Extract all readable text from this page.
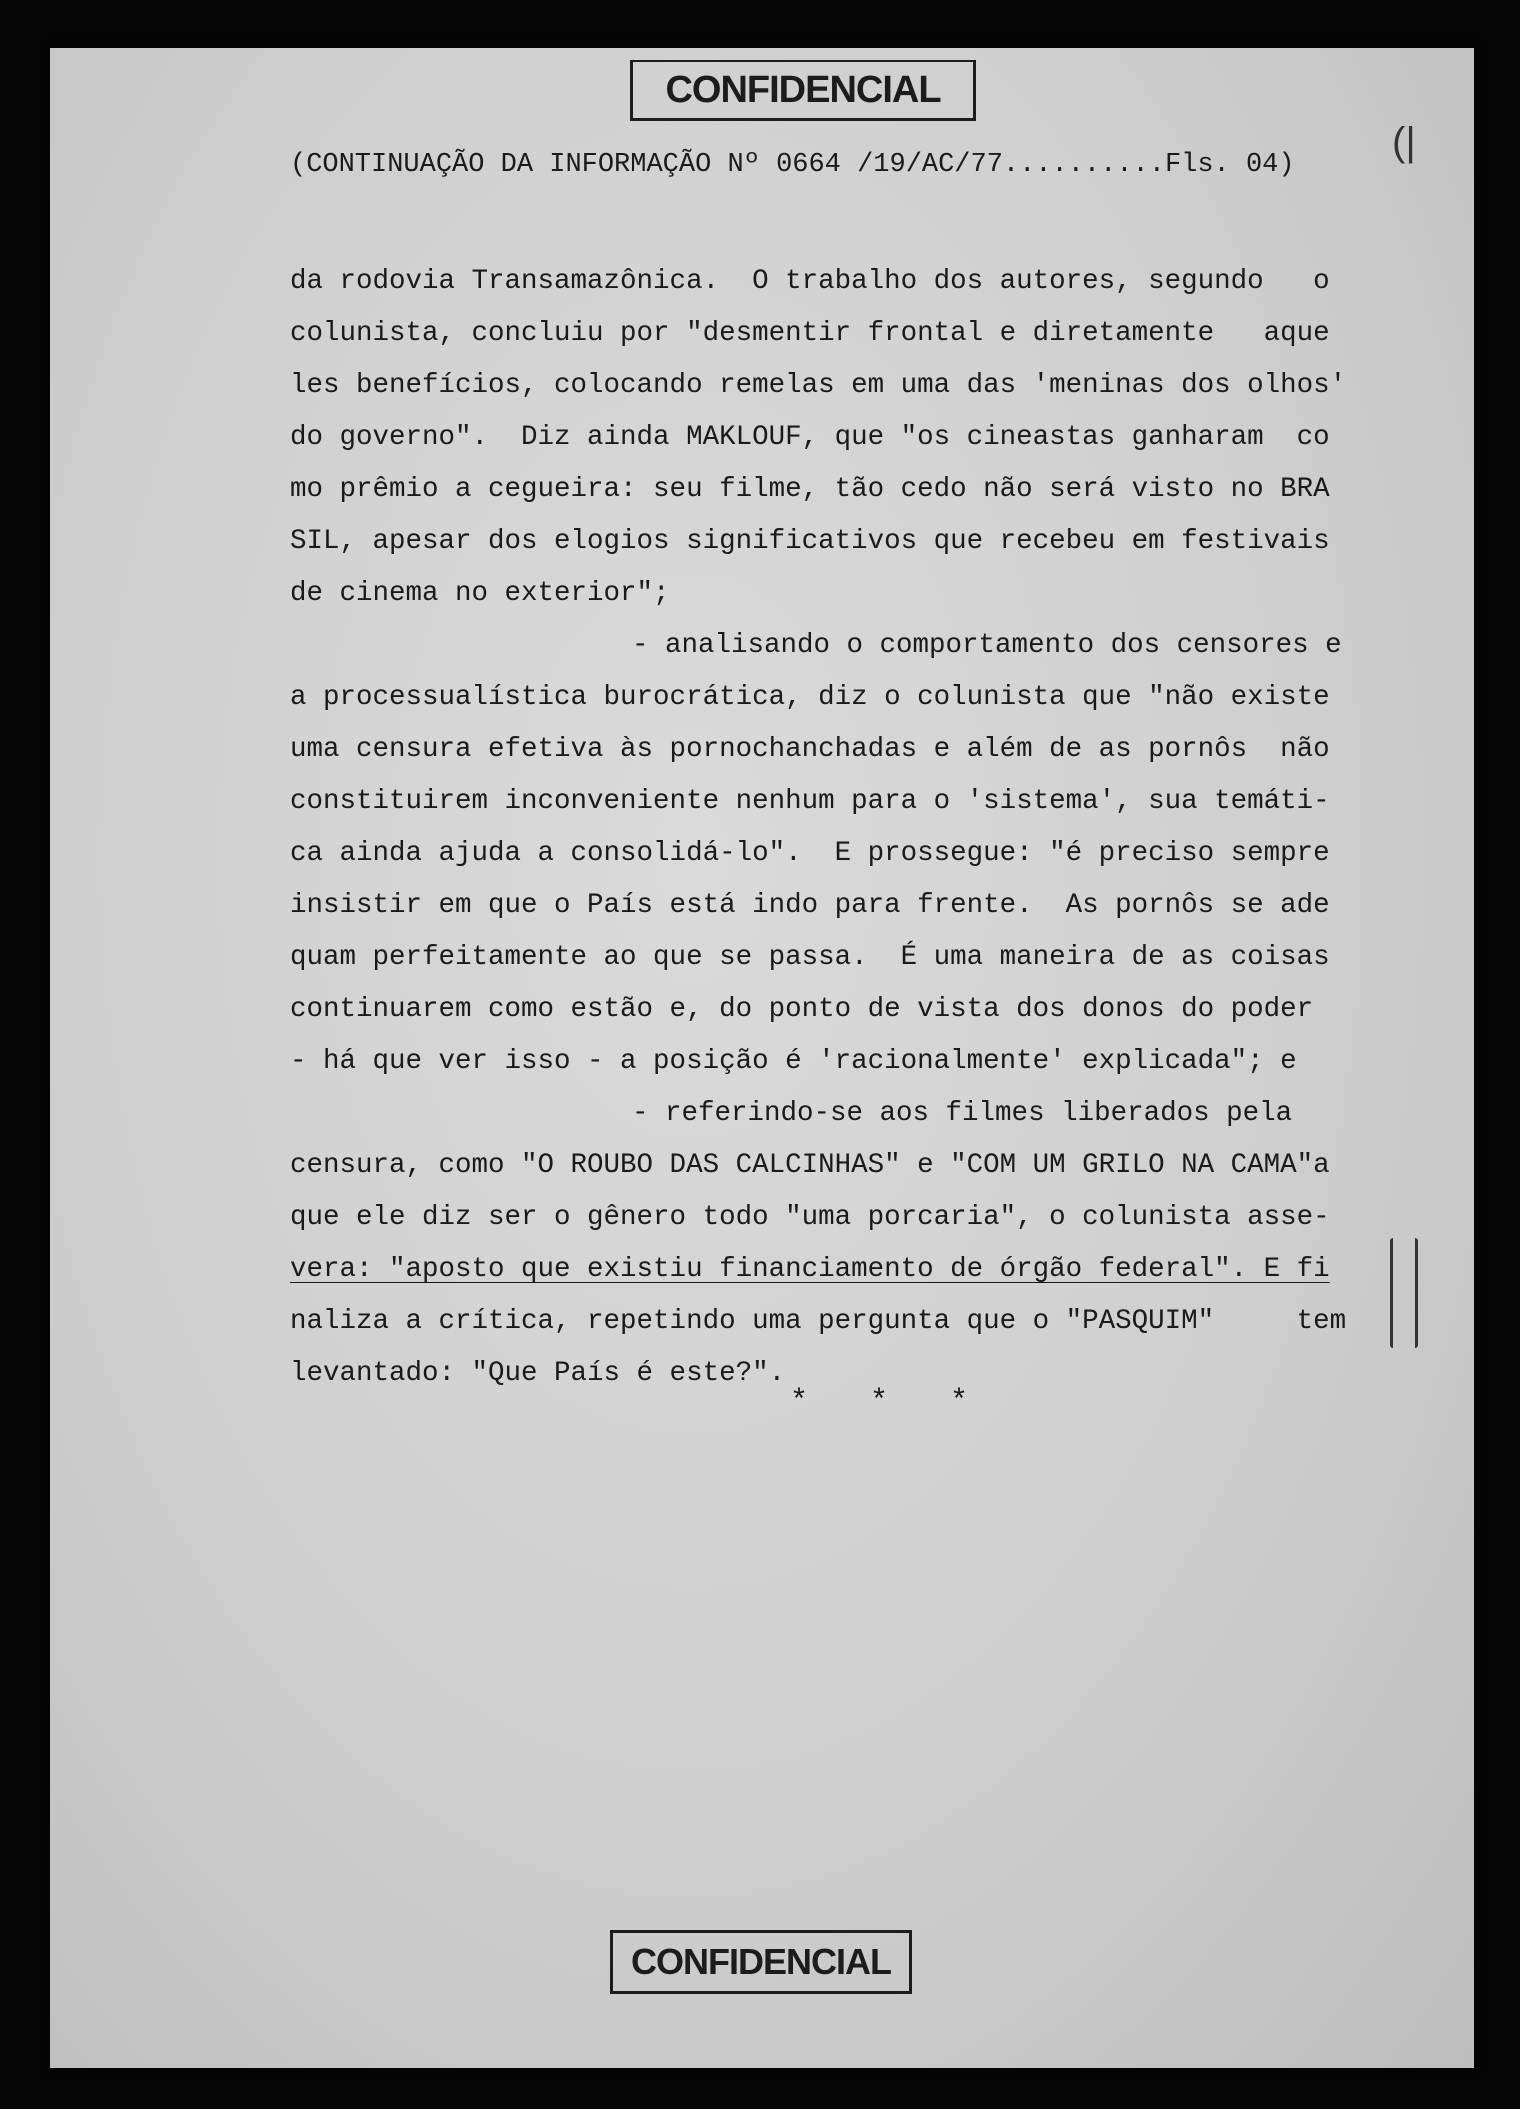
CONFIDENCIAL
(|
(CONTINUAÇÃO DA INFORMAÇÃO Nº 0664 /19/AC/77..........Fls. 04)
da rodovia Transamazônica.  O trabalho dos autores, segundo   o
colunista, concluiu por "desmentir frontal e diretamente   aque
les benefícios, colocando remelas em uma das 'meninas dos olhos'
do governo".  Diz ainda MAKLOUF, que "os cineastas ganharam  co
mo prêmio a cegueira: seu filme, tão cedo não será visto no BRA
SIL, apesar dos elogios significativos que recebeu em festivais
de cinema no exterior";
- analisando o comportamento dos censores e
a processualística burocrática, diz o colunista que "não existe
uma censura efetiva às pornochanchadas e além de as pornôs  não
constituirem inconveniente nenhum para o 'sistema', sua temáti-
ca ainda ajuda a consolidá-lo".  E prossegue: "é preciso sempre
insistir em que o País está indo para frente.  As pornôs se ade
quam perfeitamente ao que se passa.  É uma maneira de as coisas
continuarem como estão e, do ponto de vista dos donos do poder
- há que ver isso - a posição é 'racionalmente' explicada"; e
- referindo-se aos filmes liberados pela
censura, como "O ROUBO DAS CALCINHAS" e "COM UM GRILO NA CAMA"a
que ele diz ser o gênero todo "uma porcaria", o colunista asse-
vera: "aposto que existiu financiamento de órgão federal". E fi
naliza a crítica, repetindo uma pergunta que o "PASQUIM"     tem
levantado: "Que País é este?".
* * *
CONFIDENCIAL
